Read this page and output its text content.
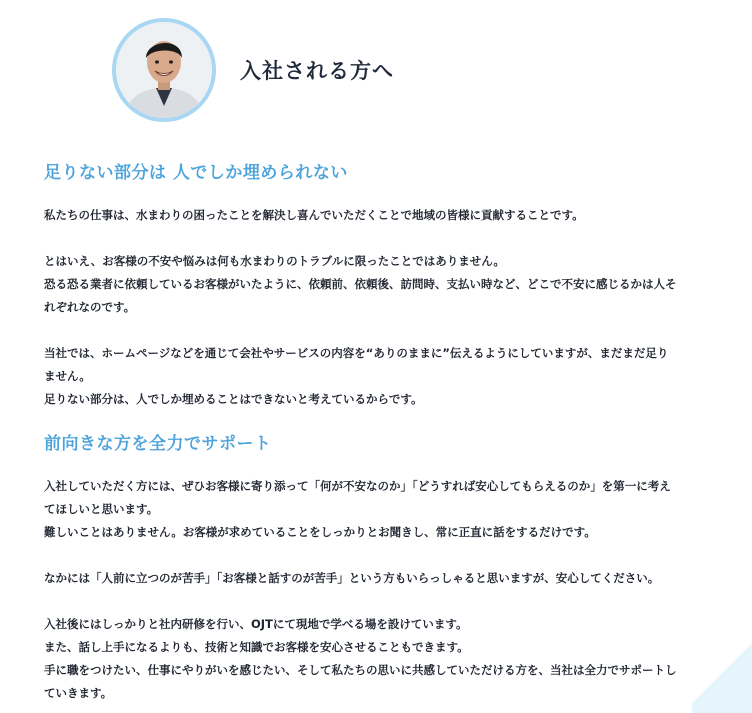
入社される方へ
足りない部分は 人でしか埋められない

私たちの仕事は、水まわりの困ったことを解決し喜んでいただくことで地域の皆様に貢献することです。

とはいえ、お客様の不安や悩みは何も水まわりのトラブルに限ったことではありません。

恐る恐る業者に依頼しているお客様がいたように、依頼前、依頼後、訪問時、支払い時など、どこで不安に感じるかは人そ

れぞれなのです。

当社では、ホームページなどを通じて会社やサービスの内容を“ありのままに”伝えるようにしていますが、まだまだ足り

ません。

足りない部分は、人でしか埋めることはできないと考えているからです。

前向きな方を全力でサポート

入社していただく方には、ぜひお客様に寄り添って「何が不安なのか」「どうすれば安心してもらえるのか」を第一に考え

てほしいと思います。

難しいことはありません。お客様が求めていることをしっかりとお聞きし、常に正直に話をするだけです。

なかには「人前に立つのが苦手」「お客様と話すのが苦手」という方もいらっしゃると思いますが、安心してください。

入社後にはしっかりと社内研修を行い、OJTにて現地で学べる場を設けています。

また、話し上手になるよりも、技術と知識でお客様を安心させることもできます。

手に職をつけたい、仕事にやりがいを感じたい、そして私たちの思いに共感していただける方を、当社は全力でサポートし

ていきます。
